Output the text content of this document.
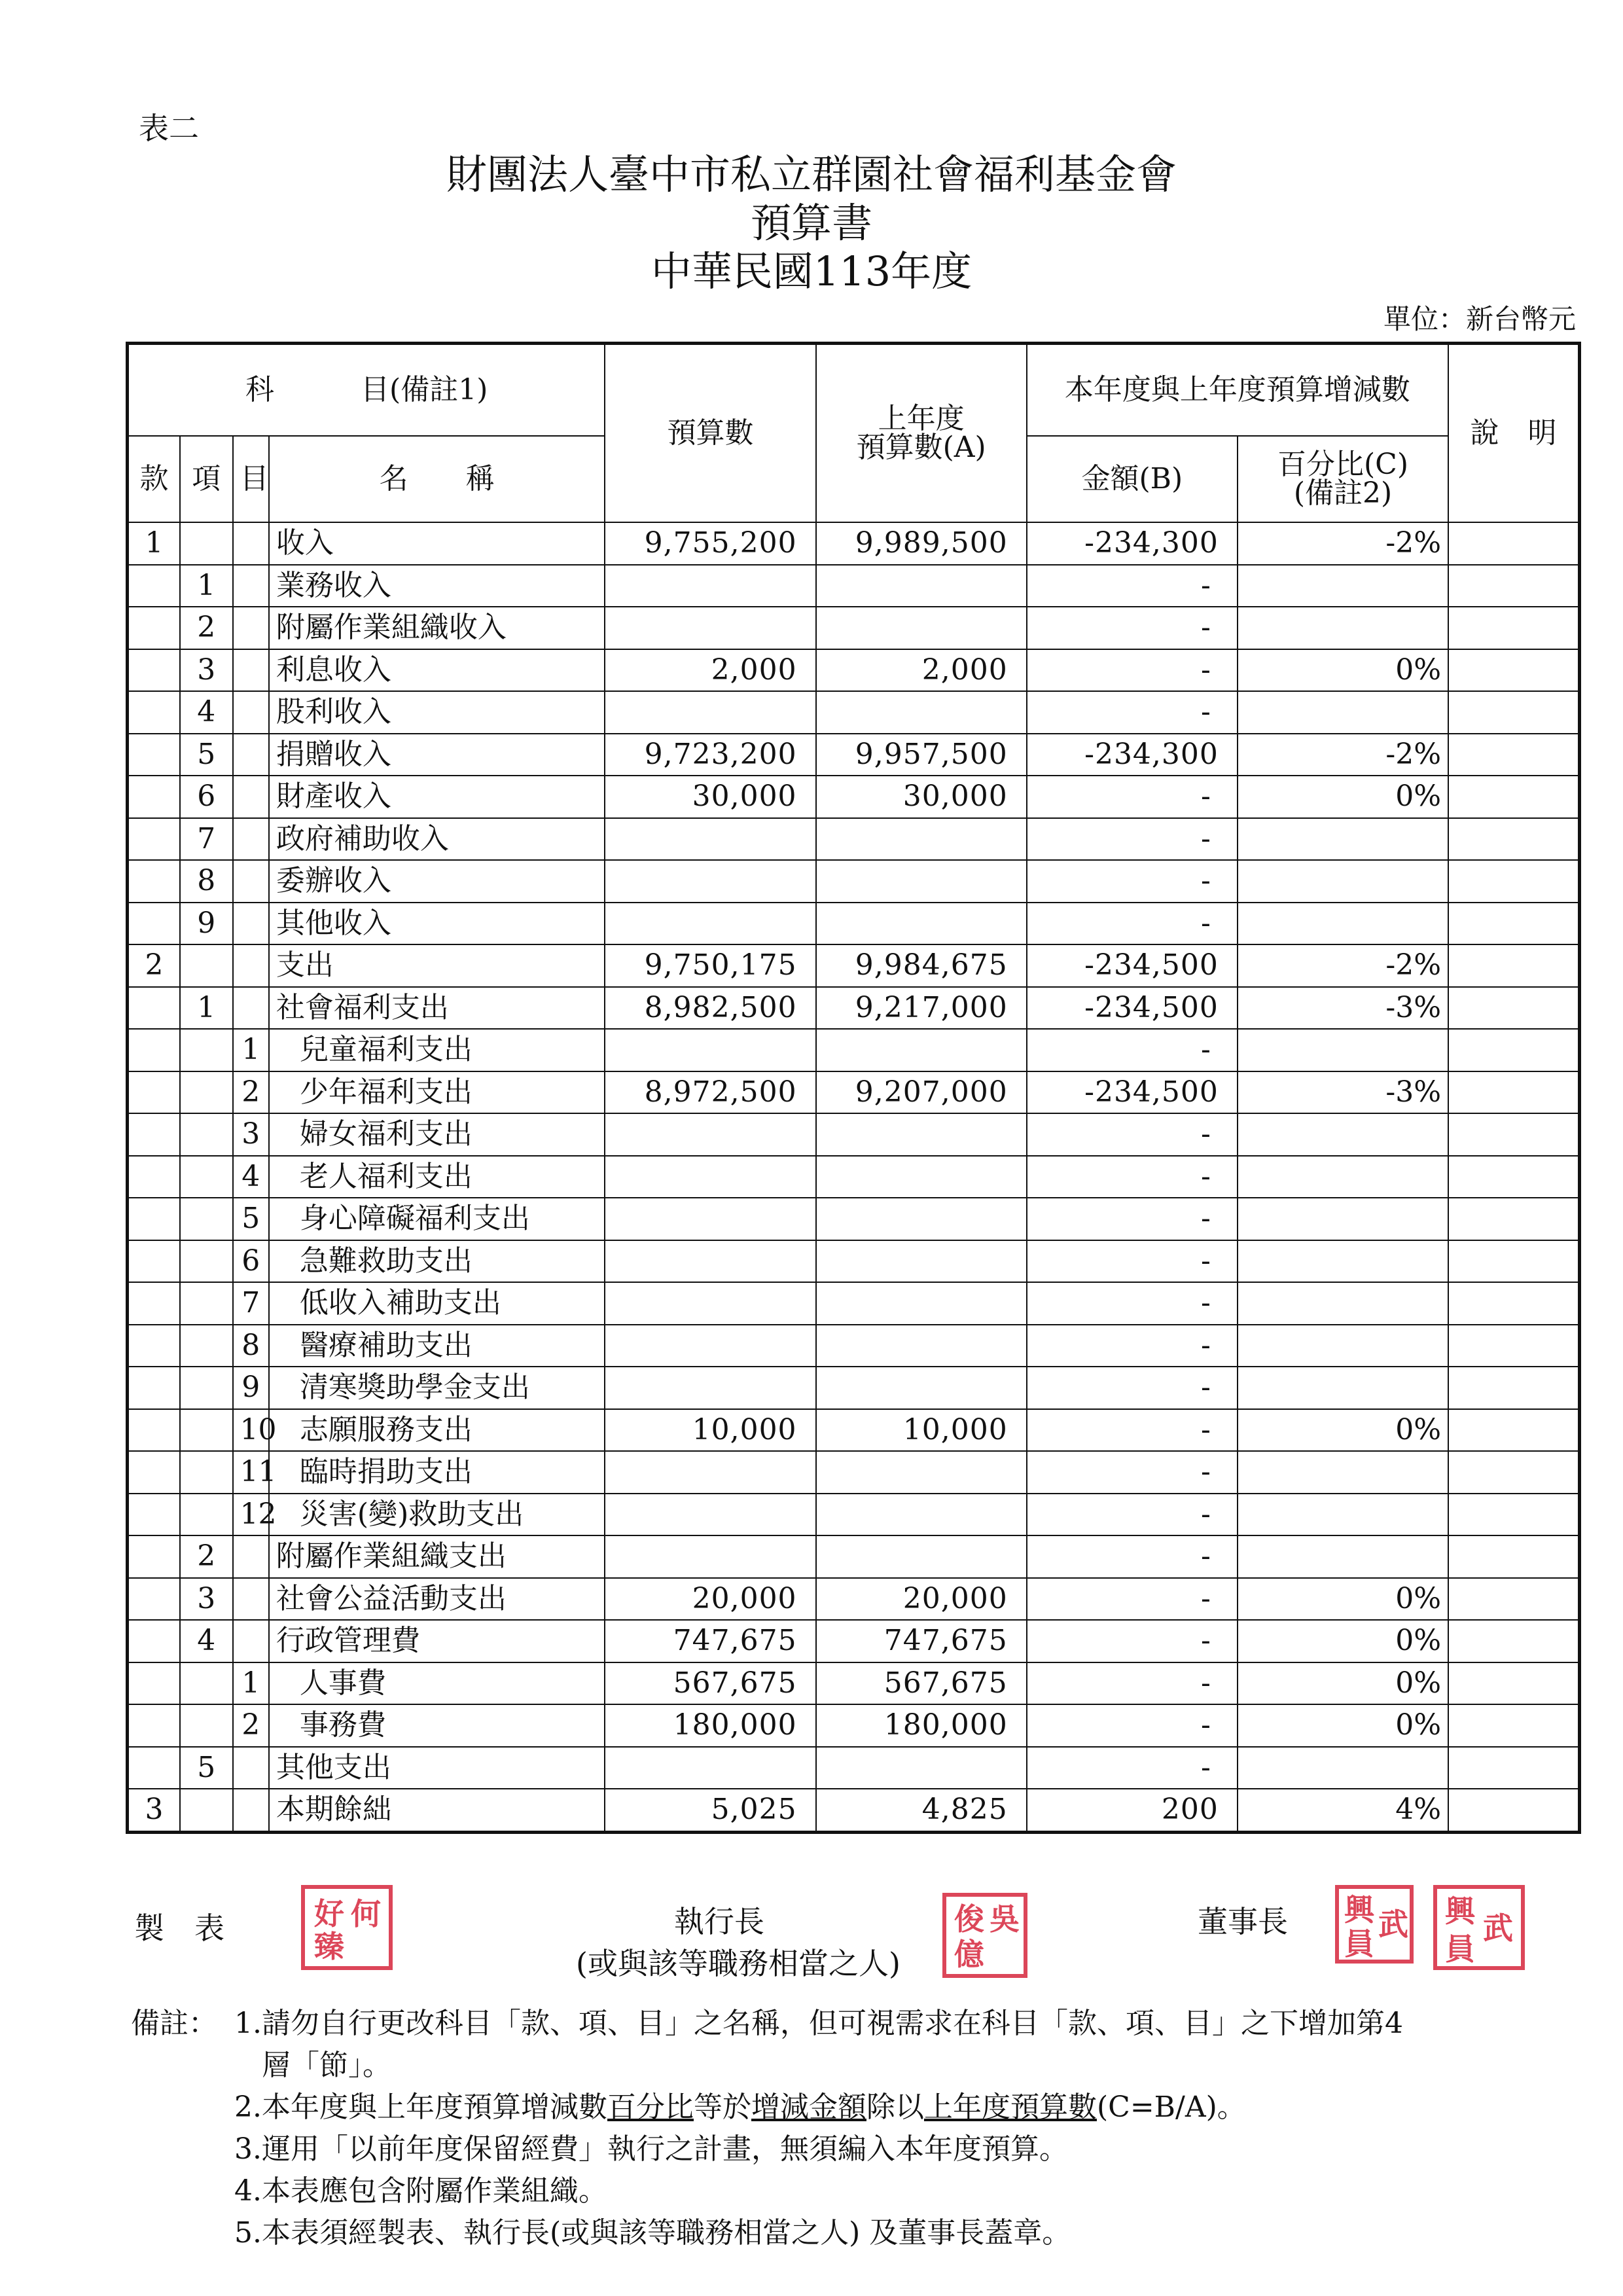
表二
財團法人臺中市私立群園社會福利基金會
預算書
中華民國113年度
單位：新台幣元
科　　　目(備註1)				預算數	上年度
預算數(A)	本年度與上年度預算增減數		說　明
款	項	目	名　　稱			金額(B)	百分比(C)
(備註2)	

1			收入	9,755,200	9,989,500	-234,300	-2%	
	1		業務收入			-		
	2		附屬作業組織收入			-		
	3		利息收入	2,000	2,000	-	0%	
	4		股利收入			-		
	5		捐贈收入	9,723,200	9,957,500	-234,300	-2%	
	6		財產收入	30,000	30,000	-	0%	
	7		政府補助收入			-		
	8		委辦收入			-		
	9		其他收入			-		
2			支出	9,750,175	9,984,675	-234,500	-2%	
	1		社會福利支出	8,982,500	9,217,000	-234,500	-3%	
		1	兒童福利支出			-		
		2	少年福利支出	8,972,500	9,207,000	-234,500	-3%	
		3	婦女福利支出			-		
		4	老人福利支出			-		
		5	身心障礙福利支出			-		
		6	急難救助支出			-		
		7	低收入補助支出			-		
		8	醫療補助支出			-		
		9	清寒獎助學金支出			-		
		10	志願服務支出	10,000	10,000	-	0%	
		11	臨時捐助支出			-		
		12	災害(變)救助支出			-		
	2		附屬作業組織支出			-		
	3		社會公益活動支出	20,000	20,000	-	0%	
	4		行政管理費	747,675	747,675	-	0%	
		1	人事費	567,675	567,675	-	0%	
		2	事務費	180,000	180,000	-	0%	
	5		其他支出			-		
3			本期餘絀	5,025	4,825	200	4%	
製　表	何
好
臻
執行長
(或與該等職務相當之人)
吳
俊
億
董事長 興 武
員
興 武
員
備註： 1.請勿自行更改科目「款、項、目」之名稱，但可視需求在科目「款、項、目」之下增加第4
層「節」。
2.本年度與上年度預算增減數百分比等於增減金額除以上年度預算數(C=B/A)。
3.運用「以前年度保留經費」執行之計畫，無須編入本年度預算。
4.本表應包含附屬作業組織。
5.本表須經製表、執行長(或與該等職務相當之人) 及董事長蓋章。
